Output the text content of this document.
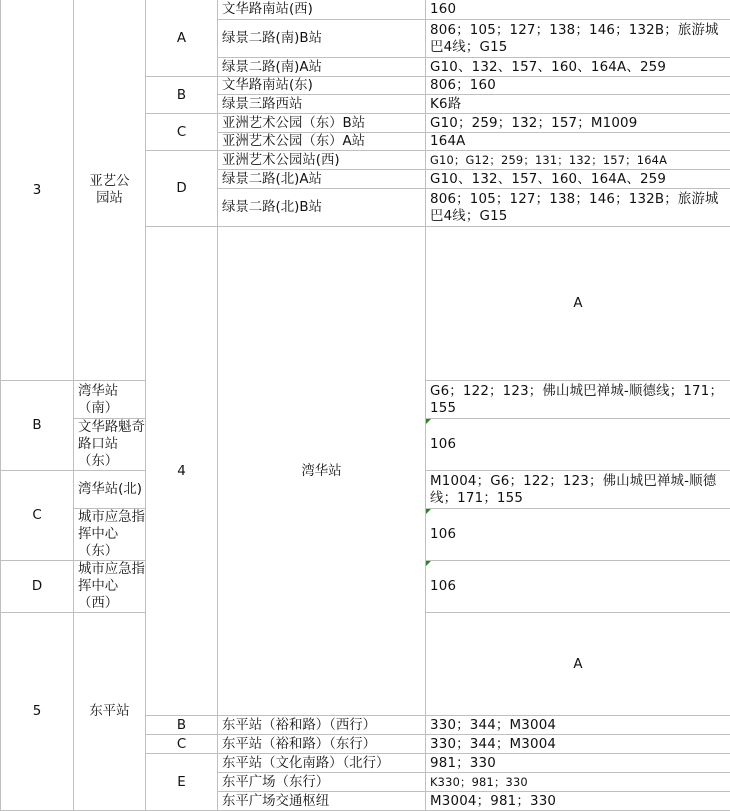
3	亚艺公园站	A	文华路南站(西)	160	
			绿景二路(南)B站	806；105；127；138；146；132B；旅游城巴4线；G15	
			绿景二路(南)A站	G10、132、157、160、164A、259	
		B	文华路南站(东)	806；160	
			绿景三路西站	K6路	
		C	亚洲艺术公园（东）B站	G10；259；132；157；M1009	
			亚洲艺术公园（东）A站	164A	
		D	亚洲艺术公园站(西)	G10；G12；259；131；132；157；164A	
			绿景二路(北)A站	G10、132、157、160、164A、259	
			绿景二路(北)B站	806；105；127；138；146；132B；旅游城巴4线；G15	
		4	湾华站	A		
B	湾华站（南）			G6；122；123；佛山城巴禅城-顺德线；171；155	
	文华路魁奇路口站（东）			106	
C	湾华站(北)			M1004；G6；122；123；佛山城巴禅城-顺德线；171；155	
	城市应急指挥中心（东）			106	
D	城市应急指挥中心（西）			106	
5	东平站			A		
		B	东平站（裕和路）（西行）	330；344；M3004	
		C	东平站（裕和路）（东行）	330；344；M3004	
		E	东平站（文化南路）（北行）	981；330	
			东平广场（东行）	K330；981；330	
			东平广场交通枢纽	M3004；981；330	
